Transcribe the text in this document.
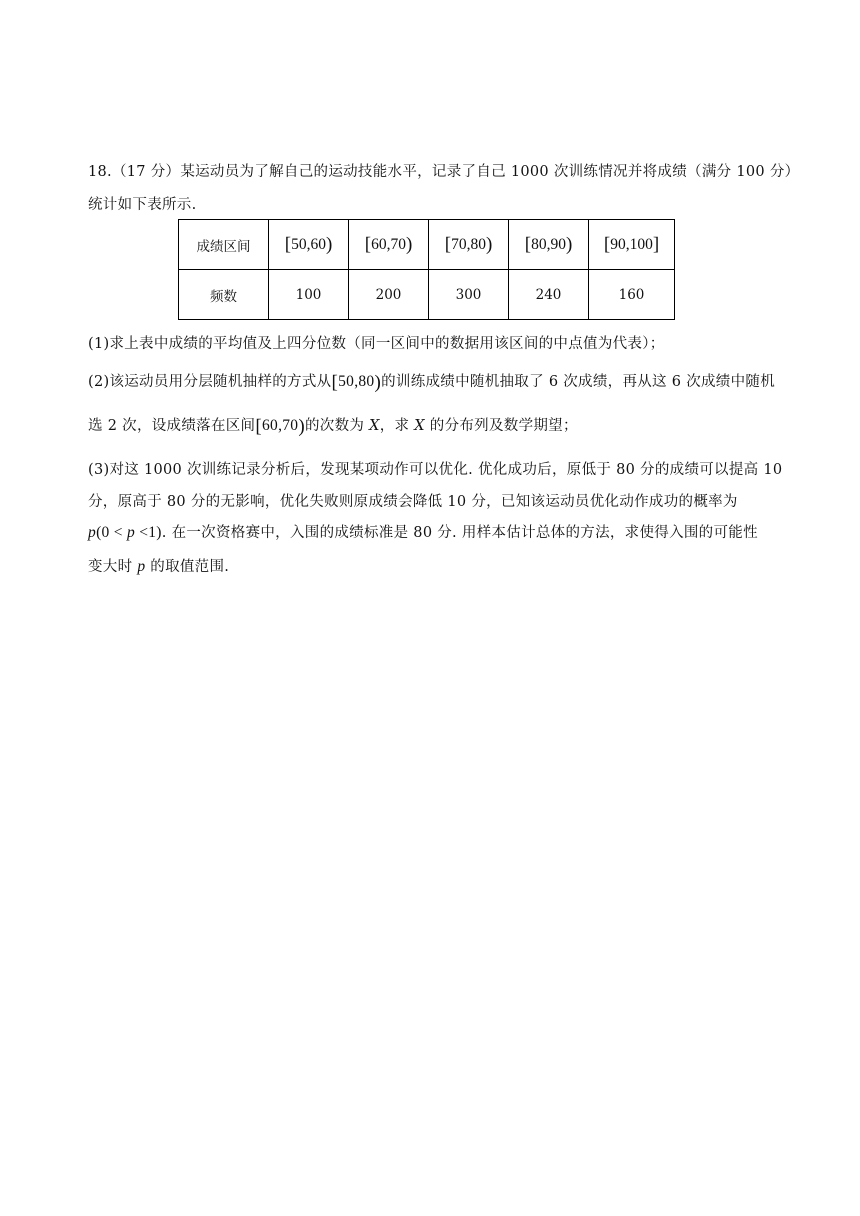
18.（17 分）某运动员为了解自己的运动技能水平，记录了自己 1000 次训练情况并将成绩（满分 100 分）
统计如下表所示.
成绩区间	[50,60)	[60,70)	[70,80)	[80,90)	[90,100]
频数	100	200	300	240	160
(1)求上表中成绩的平均值及上四分位数（同一区间中的数据用该区间的中点值为代表）；
(2)该运动员用分层随机抽样的方式从[50,80)的训练成绩中随机抽取了 6 次成绩，再从这 6 次成绩中随机
选 2 次，设成绩落在区间[60,70)的次数为 X，求 X 的分布列及数学期望；
(3)对这 1000 次训练记录分析后，发现某项动作可以优化. 优化成功后，原低于 80 分的成绩可以提高 10
分，原高于 80 分的无影响，优化失败则原成绩会降低 10 分，已知该运动员优化动作成功的概率为
p(0 < p <1). 在一次资格赛中，入围的成绩标准是 80 分. 用样本估计总体的方法，求使得入围的可能性
变大时 p 的取值范围.
